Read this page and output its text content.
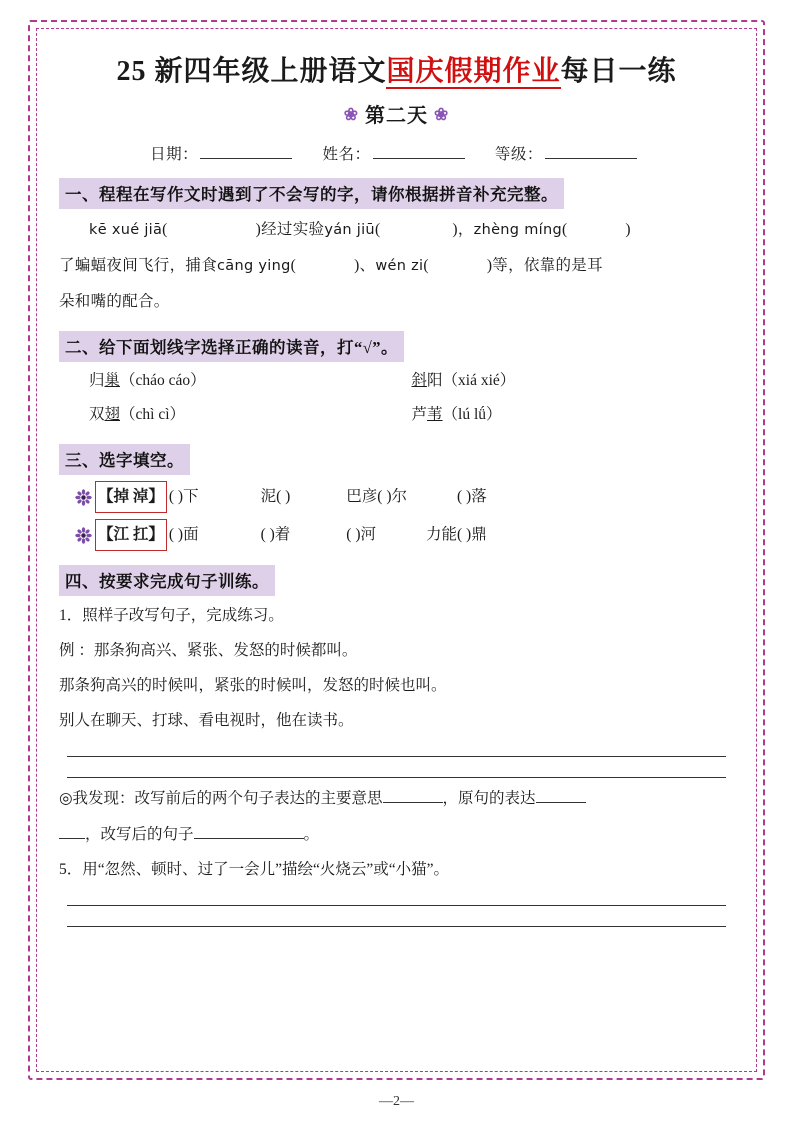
25 新四年级上册语文国庆假期作业每日一练
❀ 第二天 ❀
日期：	姓名：	等级：
一、程程在写作文时遇到了不会写的字，请你根据拼音补充完整。
kē xué jiā(	)经过实验yán jiū(	)，zhèng míng(	)
了蝙蝠夜间飞行，捕食cāng ying(	)、wén zi(	)等，依靠的是耳
朵和嘴的配合。
二、给下面划线字选择正确的读音，打“√”。
归巢（cháo cáo）	斜阳（xiá xié）
双翅（chì cì）	芦苇（lú lǘ）
三、选字填空。
【掉 淖】 ( )下	泥( )	巴彦( )尔	( )落
【江 扛】 ( )面	( )着	( )河	力能( )鼎
四、按要求完成句子训练。
1．照样子改写句子，完成练习。
例 ：那条狗高兴、紧张、发怒的时候都叫。
那条狗高兴的时候叫，紧张的时候叫，发怒的时候也叫。
别人在聊天、打球、看电视时，他在读书。
◎我发现：改写前后的两个句子表达的主要意思	，原句的表达
，改写后的句子	。
5．用“忽然、顿时、过了一会儿”描绘“火烧云”或“小猫”。
—2—
